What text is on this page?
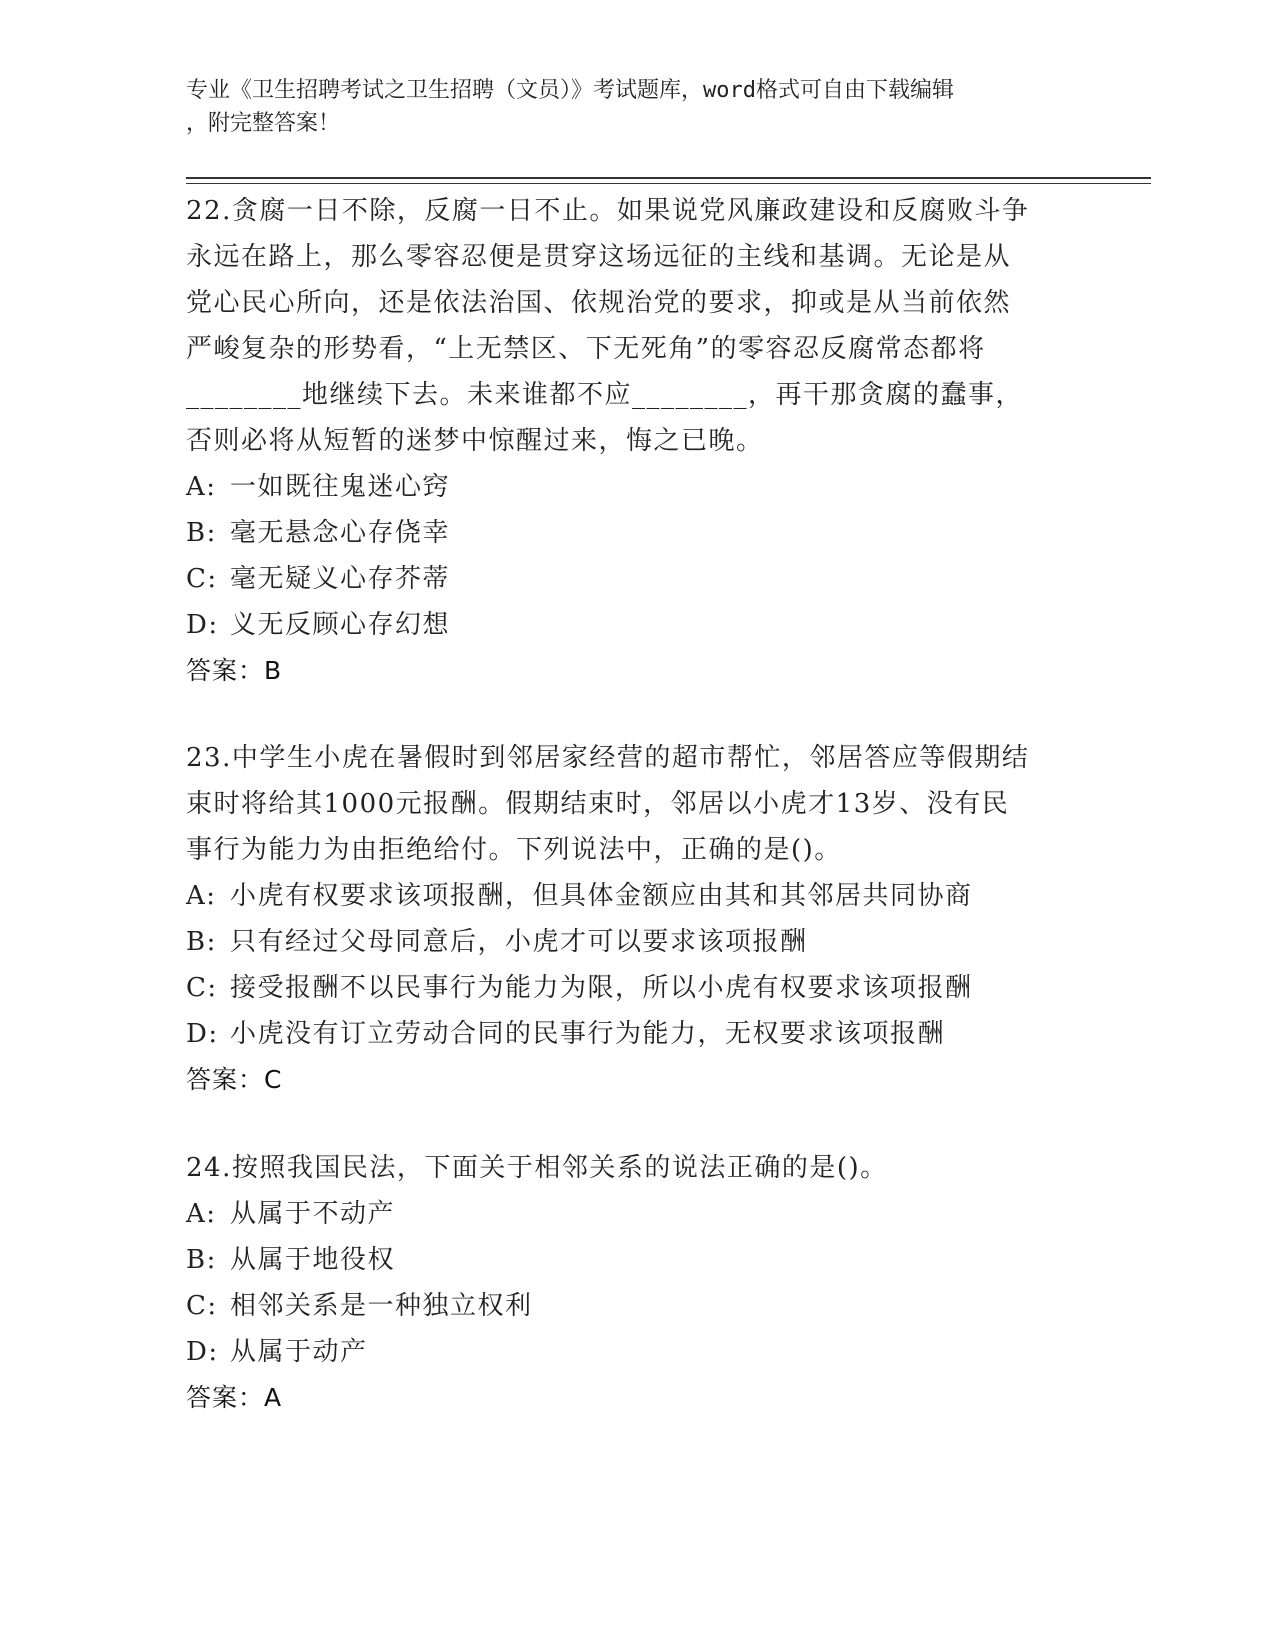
专业《卫生招聘考试之卫生招聘（文员）》考试题库，word格式可自由下载编辑
，附完整答案！
22.贪腐一日不除，反腐一日不止。如果说党风廉政建设和反腐败斗争
永远在路上，那么零容忍便是贯穿这场远征的主线和基调。无论是从
党心民心所向，还是依法治国、依规治党的要求，抑或是从当前依然
严峻复杂的形势看，“上无禁区、下无死角”的零容忍反腐常态都将
________地继续下去。未来谁都不应________，再干那贪腐的蠢事，
否则必将从短暂的迷梦中惊醒过来，悔之已晚。
A: 一如既往鬼迷心窍
B: 毫无悬念心存侥幸
C: 毫无疑义心存芥蒂
D: 义无反顾心存幻想
答案：B
23.中学生小虎在暑假时到邻居家经营的超市帮忙，邻居答应等假期结
束时将给其1000元报酬。假期结束时，邻居以小虎才13岁、没有民
事行为能力为由拒绝给付。下列说法中，正确的是()。
A: 小虎有权要求该项报酬，但具体金额应由其和其邻居共同协商
B: 只有经过父母同意后，小虎才可以要求该项报酬
C: 接受报酬不以民事行为能力为限，所以小虎有权要求该项报酬
D: 小虎没有订立劳动合同的民事行为能力，无权要求该项报酬
答案：C
24.按照我国民法，下面关于相邻关系的说法正确的是()。
A: 从属于不动产
B: 从属于地役权
C: 相邻关系是一种独立权利
D: 从属于动产
答案：A
